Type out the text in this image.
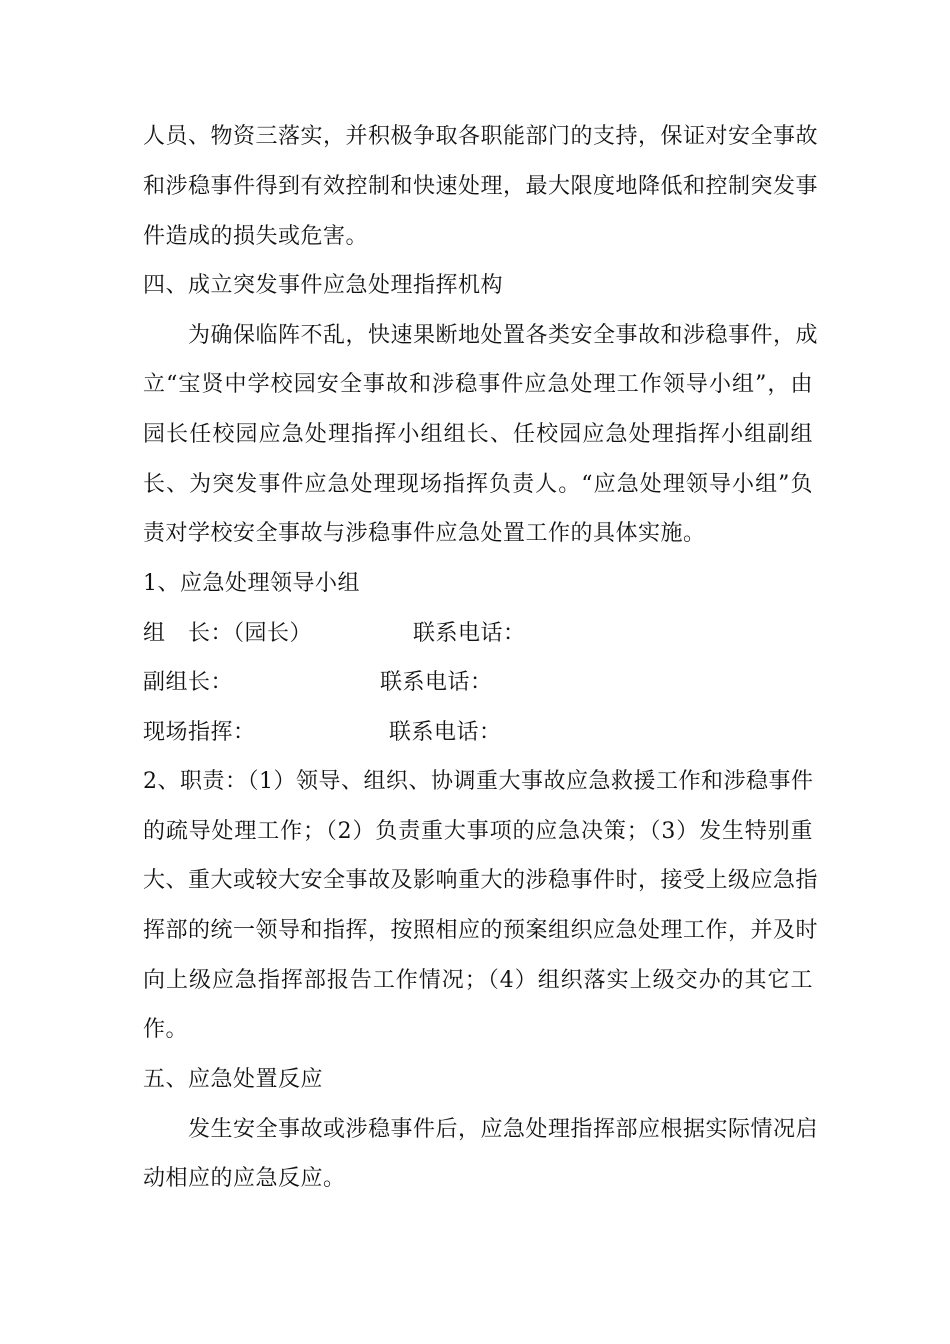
人员、物资三落实，并积极争取各职能部门的支持，保证对安全事故
和涉稳事件得到有效控制和快速处理，最大限度地降低和控制突发事
件造成的损失或危害。
四、成立突发事件应急处理指挥机构
为确保临阵不乱，快速果断地处置各类安全事故和涉稳事件，成
立“宝贤中学校园安全事故和涉稳事件应急处理工作领导小组”，由
园长任校园应急处理指挥小组组长、任校园应急处理指挥小组副组
长、为突发事件应急处理现场指挥负责人。“应急处理领导小组”负
责对学校安全事故与涉稳事件应急处置工作的具体实施。
1、应急处理领导小组
组　长：（园长）	联系电话：
副组长：	联系电话：
现场指挥：	联系电话：
2、职责：（1）领导、组织、协调重大事故应急救援工作和涉稳事件
的疏导处理工作；（2）负责重大事项的应急决策；（3）发生特别重
大、重大或较大安全事故及影响重大的涉稳事件时，接受上级应急指
挥部的统一领导和指挥，按照相应的预案组织应急处理工作，并及时
向上级应急指挥部报告工作情况；（4）组织落实上级交办的其它工
作。
五、应急处置反应
发生安全事故或涉稳事件后，应急处理指挥部应根据实际情况启
动相应的应急反应。
